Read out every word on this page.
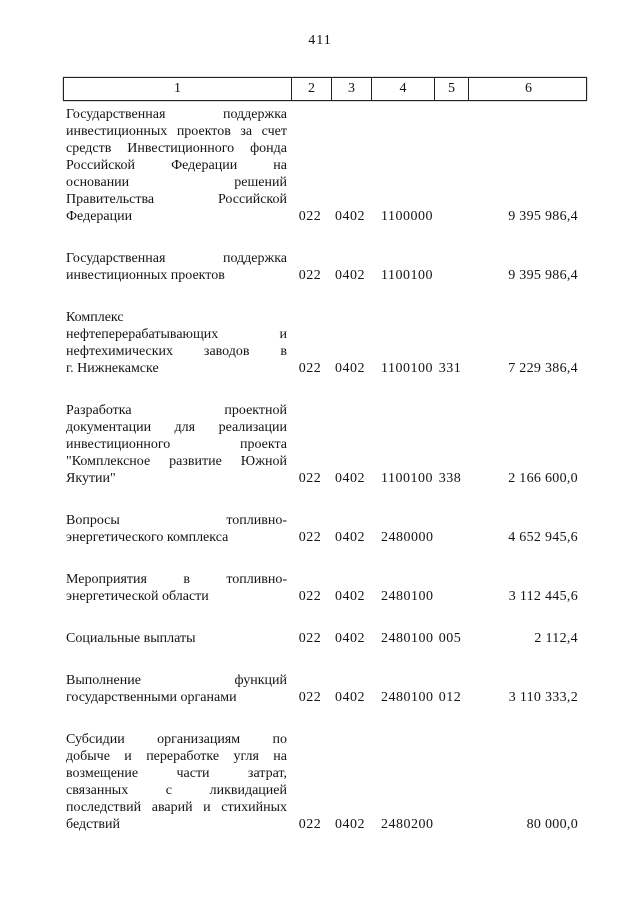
411
1	2	3	4	5	6
Государственная поддержка
инвестиционных проектов за счет
средств Инвестиционного фонда
Российской Федерации на
основании решений
Правительства Российской
Федерации	022 0402	1100000	9 395 986,4
Государственная поддержка
инвестиционных проектов	022 0402	1100100	9 395 986,4
Комплекс
нефтеперерабатывающих и
нефтехимических заводов в
г. Нижнекамске	022 0402	1100100 331	7 229 386,4
Разработка проектной
документации для реализации
инвестиционного проекта
"Комплексное развитие Южной
Якутии"	022 0402	1100100 338	2 166 600,0
Вопросы топливно-
энергетического комплекса	022 0402	2480000	4 652 945,6
Мероприятия в топливно-
энергетической области	022 0402	2480100	3 112 445,6
Социальные выплаты	022 0402	2480100 005	2 112,4
Выполнение функций
государственными органами	022 0402	2480100 012	3 110 333,2
Субсидии организациям по
добыче и переработке угля на
возмещение части затрат,
связанных с ликвидацией
последствий аварий и стихийных
бедствий	022 0402	2480200	80 000,0
